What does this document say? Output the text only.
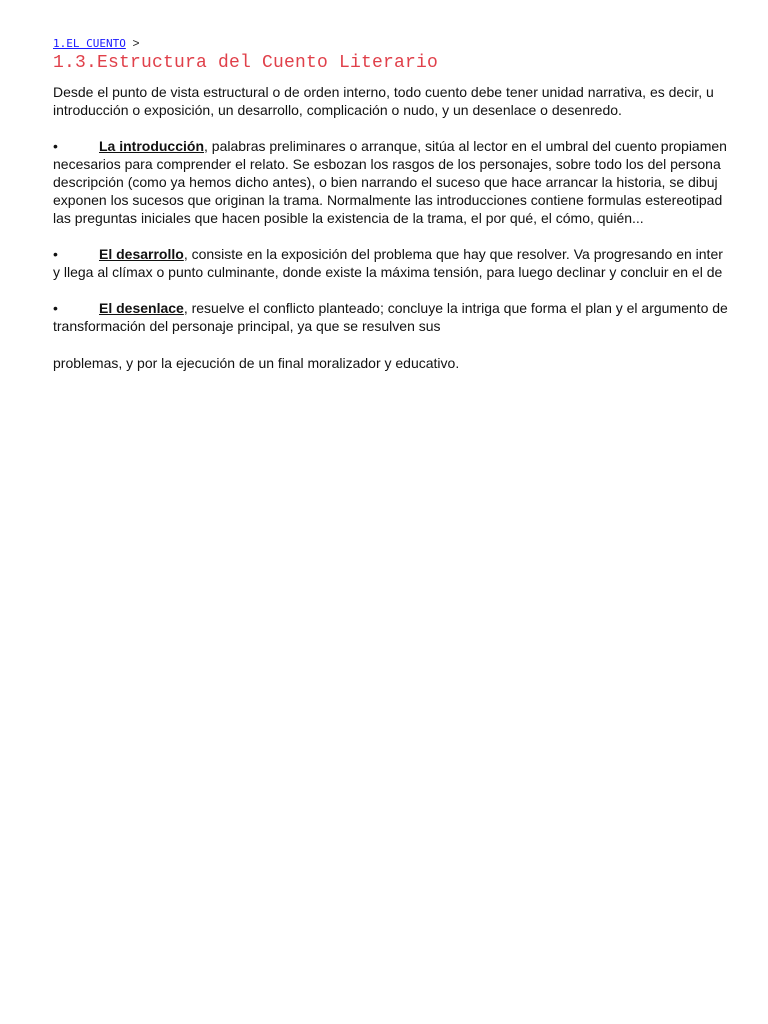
1.EL CUENTO >
1.3.Estructura del Cuento Literario

Desde el punto de vista estructural o de orden interno, todo cuento debe tener unidad narrativa, es decir, u

introducción o exposición, un desarrollo, complicación o nudo, y un desenlace o desenredo.

•	La introducción, palabras preliminares o arranque, sitúa al lector en el umbral del cuento propiamen

necesarios para comprender el relato. Se esbozan los rasgos de los personajes, sobre todo los del persona

descripción (como ya hemos dicho antes), o bien narrando el suceso que hace arrancar la historia, se dibuj

exponen los sucesos que originan la trama. Normalmente las introducciones contiene formulas estereotipad

las preguntas iniciales que hacen posible la existencia de la trama, el por qué, el cómo, quién...

•	El desarrollo, consiste en la exposición del problema que hay que resolver. Va progresando en inter

y llega al clímax o punto culminante, donde existe la máxima tensión, para luego declinar y concluir en el de

•	El desenlace, resuelve el conflicto planteado; concluye la intriga que forma el plan y el argumento de

transformación del personaje principal, ya que se resulven sus

problemas, y por la ejecución de un final moralizador y educativo.
